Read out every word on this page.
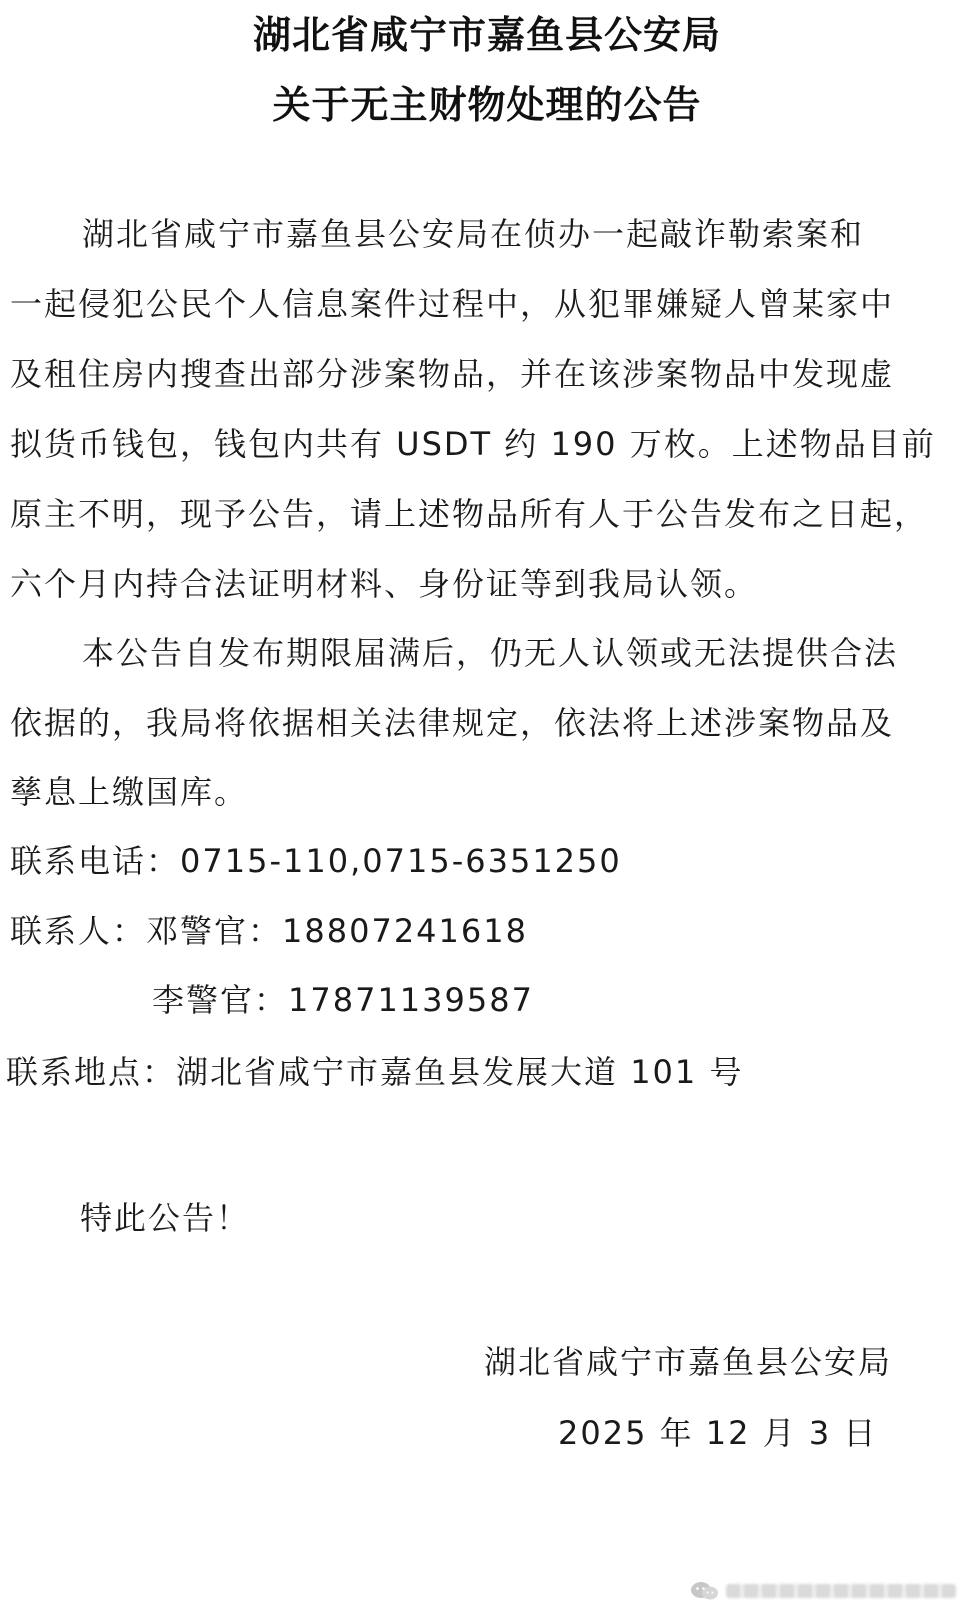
湖北省咸宁市嘉鱼县公安局
关于无主财物处理的公告
湖北省咸宁市嘉鱼县公安局在侦办一起敲诈勒索案和
一起侵犯公民个人信息案件过程中，从犯罪嫌疑人曾某家中
及租住房内搜查出部分涉案物品，并在该涉案物品中发现虚
拟货币钱包，钱包内共有 USDT 约 190 万枚。上述物品目前
原主不明，现予公告，请上述物品所有人于公告发布之日起，
六个月内持合法证明材料、身份证等到我局认领。
本公告自发布期限届满后，仍无人认领或无法提供合法
依据的，我局将依据相关法律规定，依法将上述涉案物品及
孳息上缴国库。
联系电话：0715-110,0715-6351250
联系人：邓警官：18807241618
李警官：17871139587
联系地点：湖北省咸宁市嘉鱼县发展大道 101 号
特此公告！
湖北省咸宁市嘉鱼县公安局
2025 年 12 月 3 日
